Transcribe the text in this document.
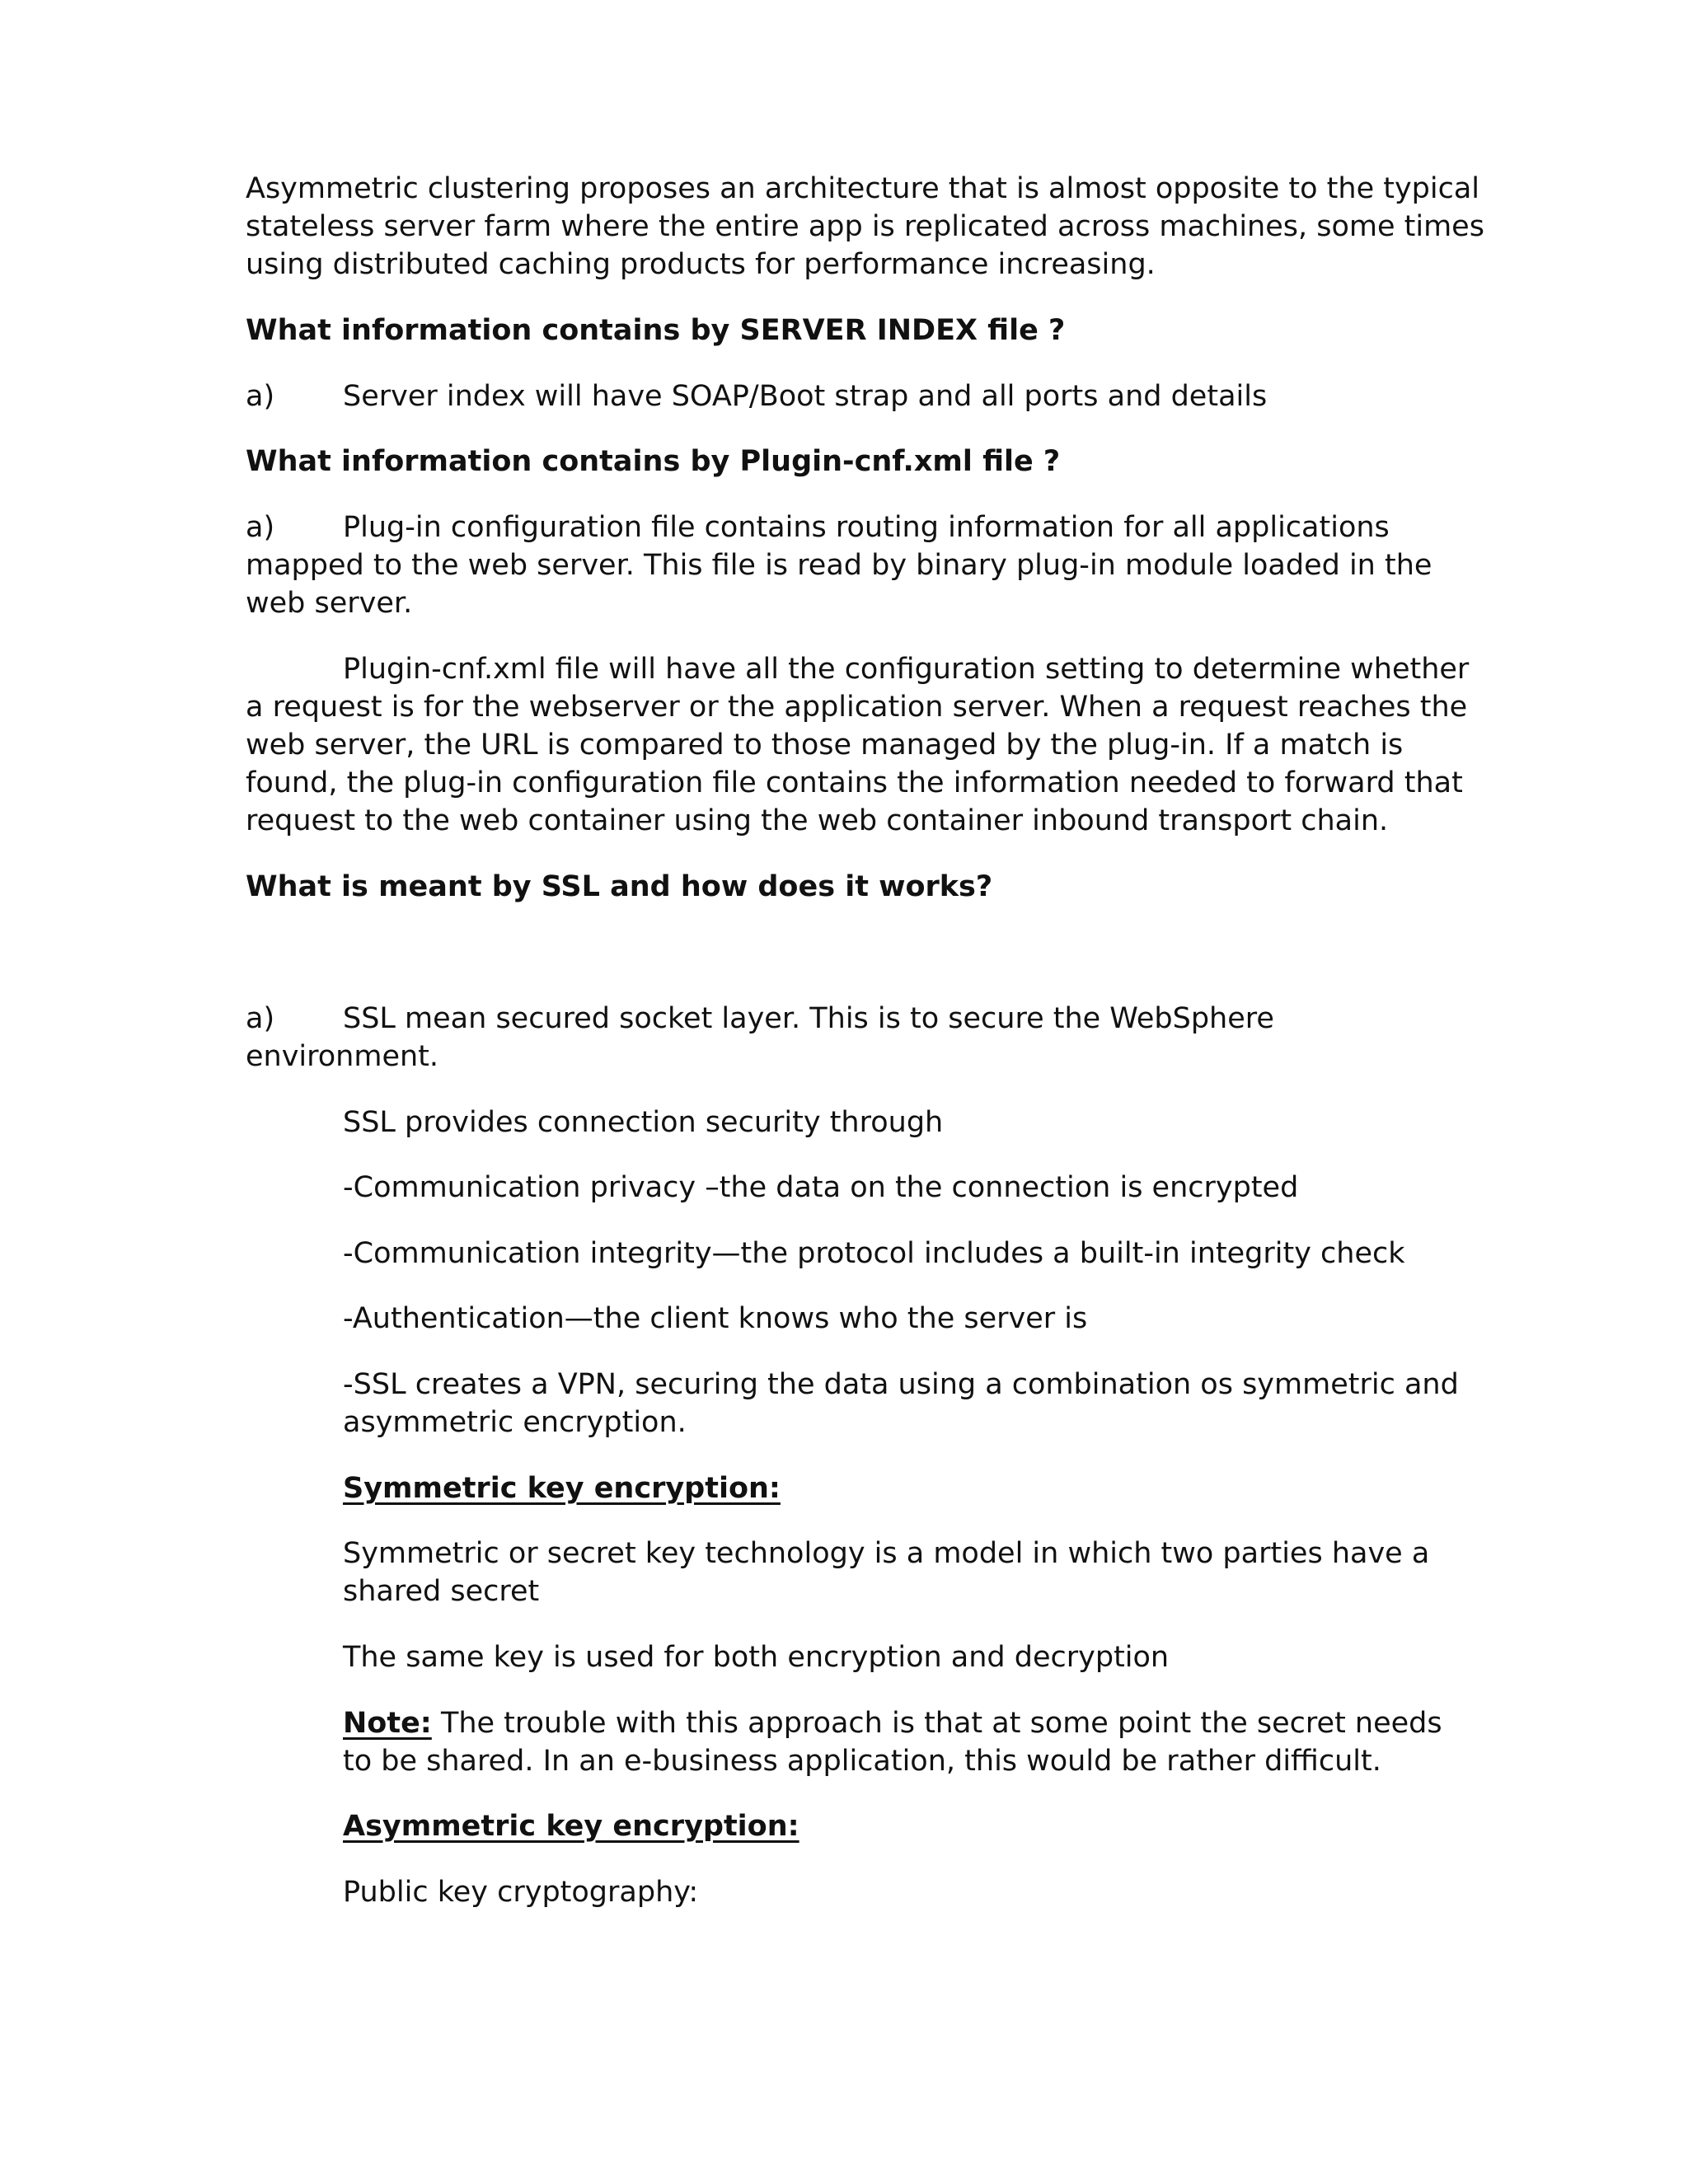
Asymmetric clustering proposes an architecture that is almost opposite to the typical
stateless server farm where the entire app is replicated across machines, some times
using distributed caching products for performance increasing.
What information contains by SERVER INDEX file ?
a) Server index will have SOAP/Boot strap and all ports and details
What information contains by Plugin-cnf.xml file ?
a) Plug-in configuration file contains routing information for all applications
mapped to the web server. This file is read by binary plug-in module loaded in the
web server.
Plugin-cnf.xml file will have all the configuration setting to determine whether
a request is for the webserver or the application server. When a request reaches the
web server, the URL is compared to those managed by the plug-in. If a match is
found, the plug-in configuration file contains the information needed to forward that
request to the web container using the web container inbound transport chain.
What is meant by SSL and how does it works?
a) SSL mean secured socket layer. This is to secure the WebSphere
environment.
SSL provides connection security through
-Communication privacy –the data on the connection is encrypted
-Communication integrity—the protocol includes a built-in integrity check
-Authentication—the client knows who the server is
-SSL creates a VPN, securing the data using a combination os symmetric and
asymmetric encryption.
Symmetric key encryption:
Symmetric or secret key technology is a model in which two parties have a
shared secret
The same key is used for both encryption and decryption
Note: The trouble with this approach is that at some point the secret needs
to be shared. In an e-business application, this would be rather difficult.
Asymmetric key encryption:
Public key cryptography:
